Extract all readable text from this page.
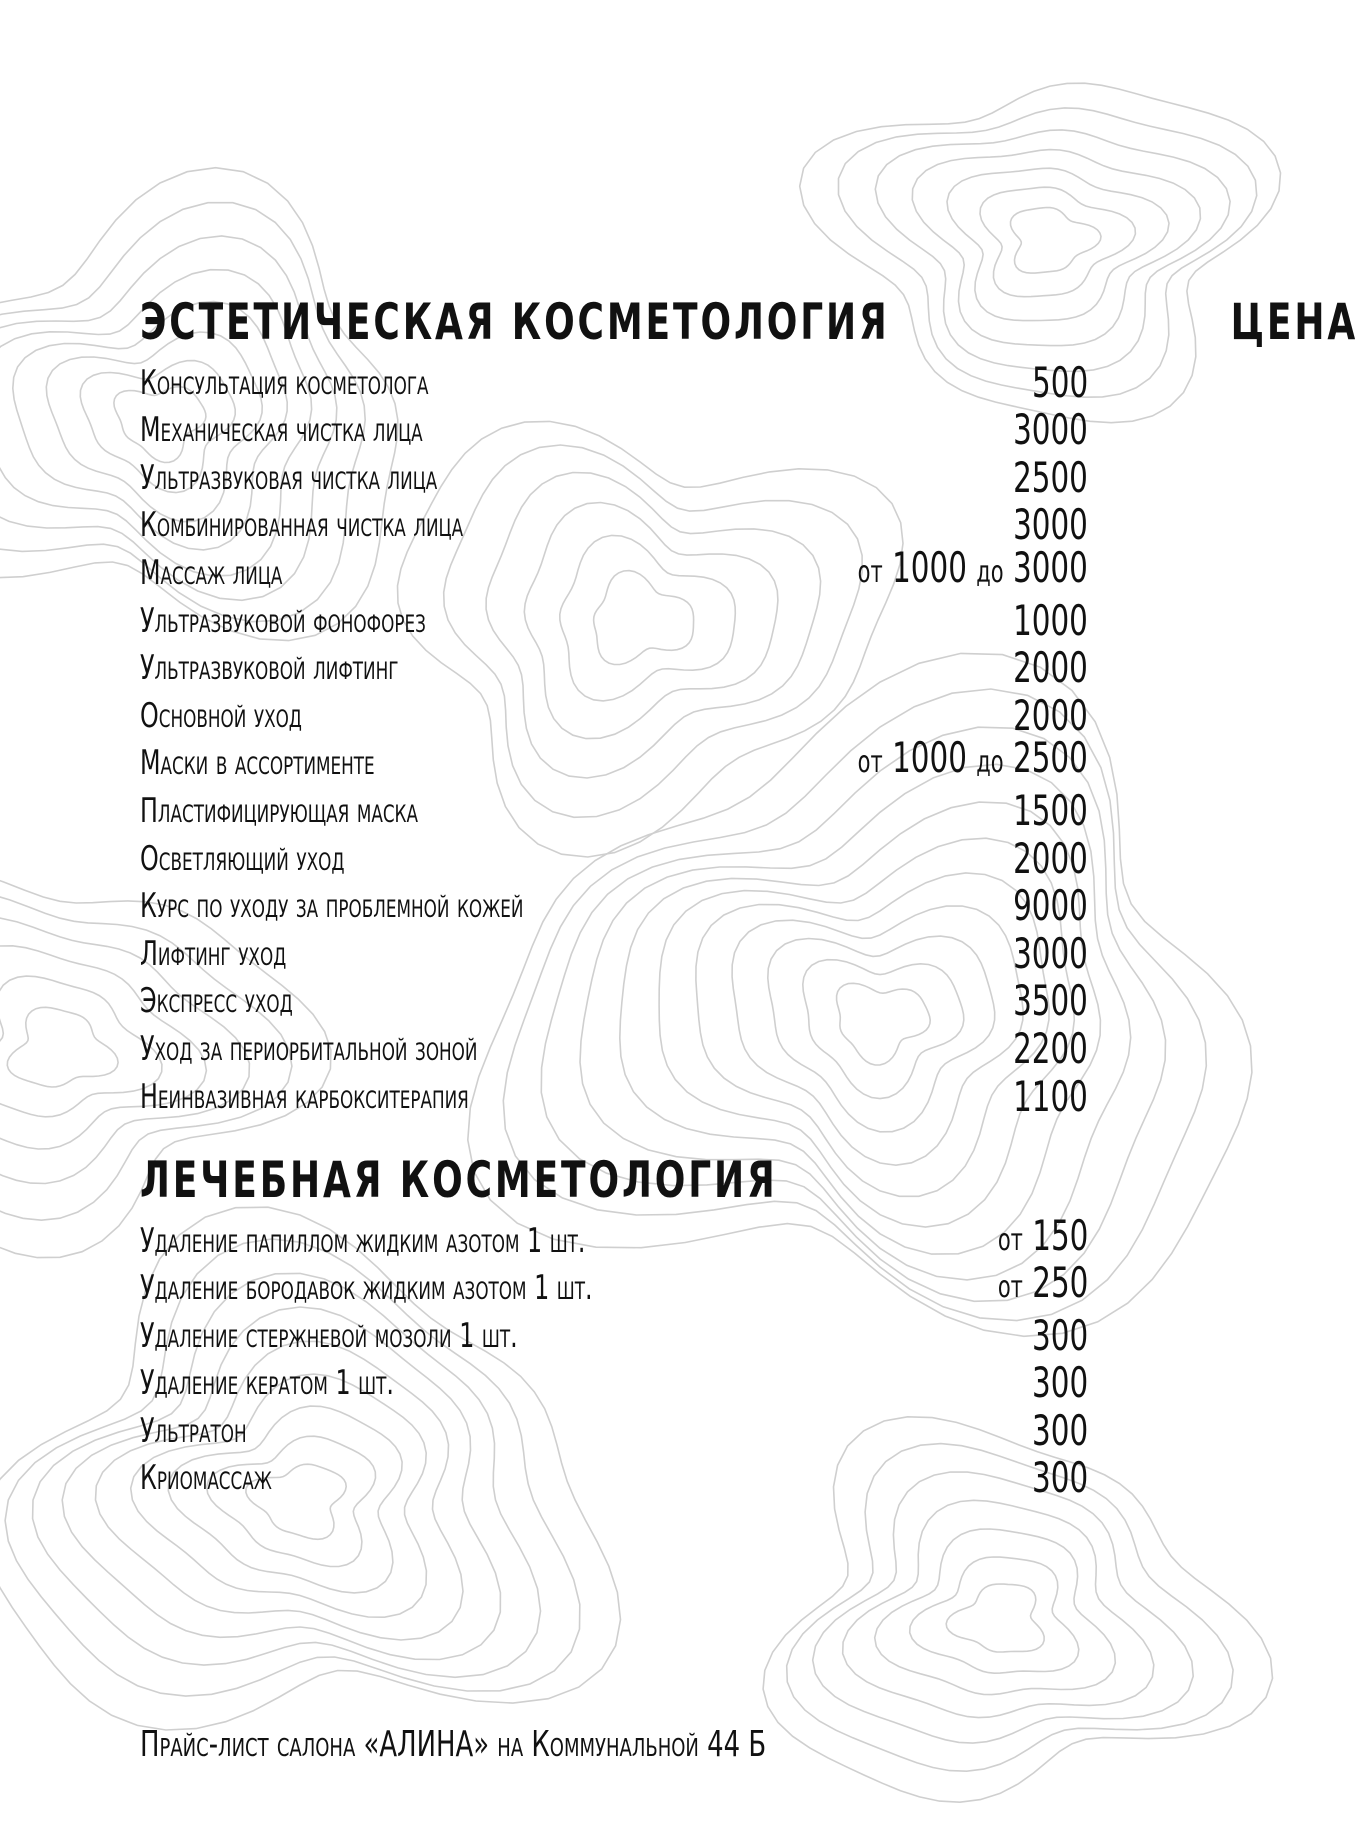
ЭСТЕТИЧЕСКАЯ КОСМЕТОЛОГИЯ	ЦЕНА
Консультация косметолога	500
Механическая чистка лица	3000
Ультразвуковая чистка лица	2500
Комбинированная чистка лица	3000
Массаж лица	от 1000 до 3000
Ультразвуковой фонофорез	1000
Ультразвуковой лифтинг	2000
Основной уход	2000
Маски в ассортименте	от 1000 до 2500
Пластифицирующая маска	1500
Осветляющий уход	2000
Курс по уходу за проблемной кожей	9000
Лифтинг уход	3000
Экспресс уход	3500
Уход за периорбитальной зоной	2200
Неинвазивная карбокситерапия	1100
ЛЕЧЕБНАЯ КОСМЕТОЛОГИЯ
Удаление папиллом жидким азотом 1 шт.	от 150
Удаление бородавок жидким азотом 1 шт.	от 250
Удаление стержневой мозоли 1 шт.	300
Удаление кератом 1 шт.	300
Ультратон	300
Криомассаж	300
Прайс-лист салона «АЛИНА» на Коммунальной 44 Б
